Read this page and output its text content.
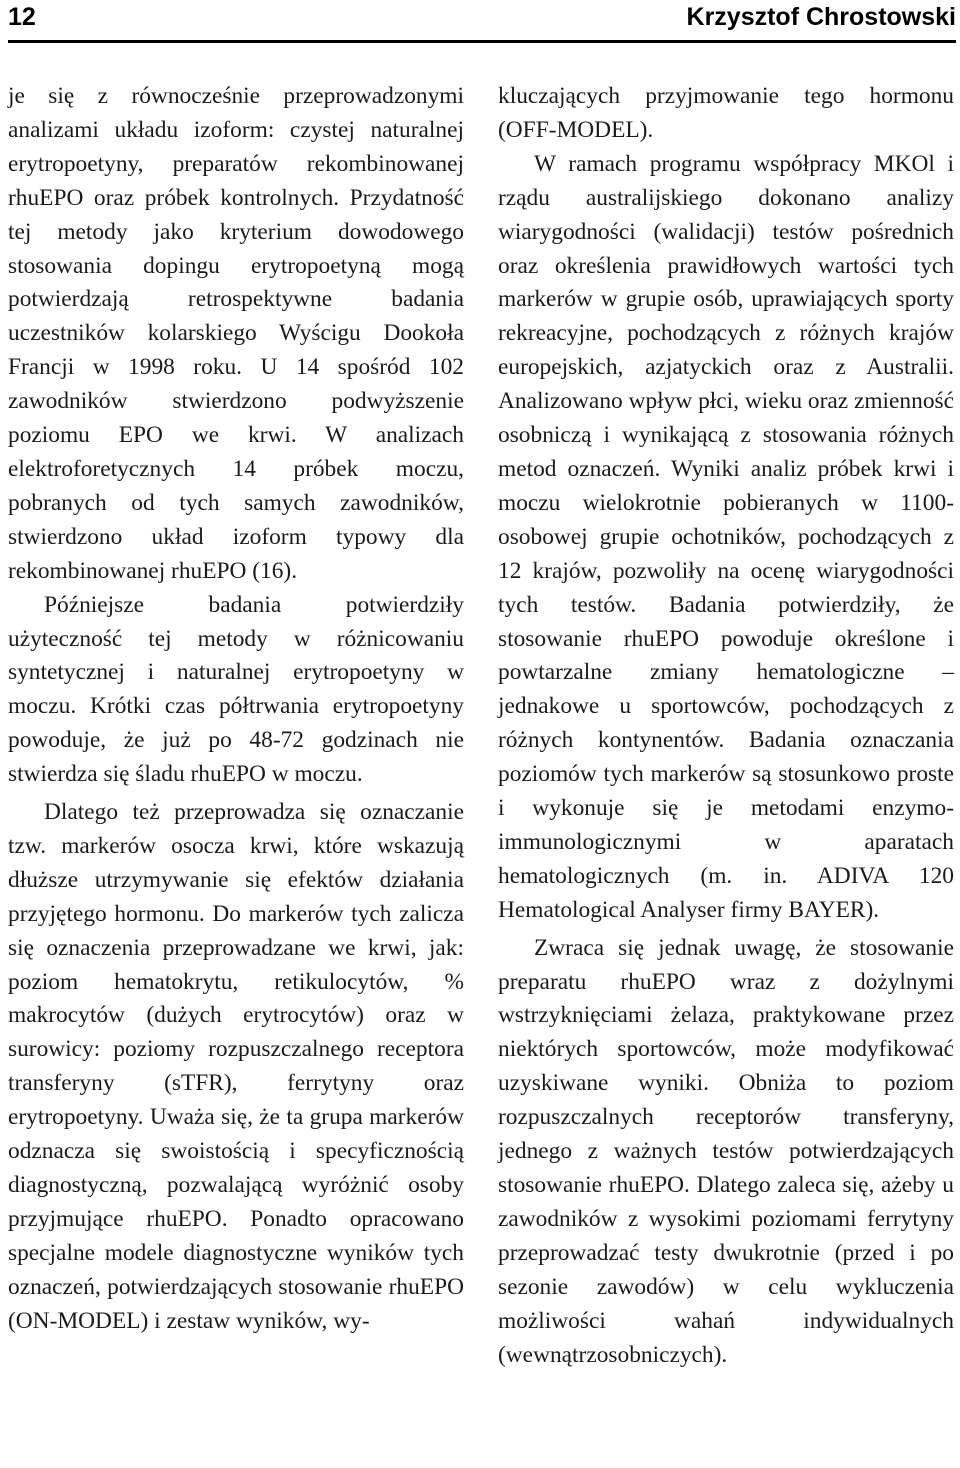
12	Krzysztof Chrostowski

je się z równocześnie przeprowadzonymi analizami układu izoform: czystej naturalnej erytropoetyny, preparatów rekombinowanej rhuEPO oraz próbek kontrolnych. Przydatność tej metody jako kryterium dowodowego stosowania dopingu erytropoetyną mogą potwierdzają retrospektywne badania uczestników kolarskiego Wyścigu Dookoła Francji w 1998 roku. U 14 spośród 102 zawodników stwierdzono podwyższenie poziomu EPO we krwi. W analizach elektroforetycznych 14 próbek moczu, pobranych od tych samych zawodników, stwierdzono układ izoform typowy dla rekombinowanej rhuEPO (16).

Późniejsze badania potwierdziły użyteczność tej metody w różnicowaniu syntetycznej i naturalnej erytropoetyny w moczu. Krótki czas półtrwania erytropoetyny powoduje, że już po 48-72 godzinach nie stwierdza się śladu rhuEPO w moczu.

Dlatego też przeprowadza się oznaczanie tzw. markerów osocza krwi, które wskazują dłuższe utrzymywanie się efektów działania przyjętego hormonu. Do markerów tych zalicza się oznaczenia przeprowadzane we krwi, jak: poziom hematokrytu, retikulocytów, % makrocytów (dużych erytrocytów) oraz w surowicy: poziomy rozpuszczalnego receptora transferyny (sTFR), ferrytyny oraz erytropoetyny. Uważa się, że ta grupa markerów odznacza się swoistością i specyficznością diagnostyczną, pozwalającą wyróżnić osoby przyjmujące rhuEPO. Ponadto opracowano specjalne modele diagnostyczne wyników tych oznaczeń, potwierdzających stosowanie rhuEPO (ON-MODEL) i zestaw wyników, wy-

kluczających przyjmowanie tego hormonu (OFF-MODEL).

W ramach programu współpracy MKOl i rządu australijskiego dokonano analizy wiarygodności (walidacji) testów pośrednich oraz określenia prawidłowych wartości tych markerów w grupie osób, uprawiających sporty rekreacyjne, pochodzących z różnych krajów europejskich, azjatyckich oraz z Australii. Analizowano wpływ płci, wieku oraz zmienność osobniczą i wynikającą z stosowania różnych metod oznaczeń. Wyniki analiz próbek krwi i moczu wielokrotnie pobieranych w 1100-osobowej grupie ochotników, pochodzących z 12 krajów, pozwoliły na ocenę wiarygodności tych testów. Badania potwierdziły, że stosowanie rhuEPO powoduje określone i powtarzalne zmiany hematologiczne – jednakowe u sportowców, pochodzących z różnych kontynentów. Badania oznaczania poziomów tych markerów są stosunkowo proste i wykonuje się je metodami enzymo-immunologicznymi w aparatach hematologicznych (m. in. ADIVA 120 Hematological Analyser firmy BAYER).

Zwraca się jednak uwagę, że stosowanie preparatu rhuEPO wraz z dożylnymi wstrzyknięciami żelaza, praktykowane przez niektórych sportowców, może modyfikować uzyskiwane wyniki. Obniża to poziom rozpuszczalnych receptorów transferyny, jednego z ważnych testów potwierdzających stosowanie rhuEPO. Dlatego zaleca się, ażeby u zawodników z wysokimi poziomami ferrytyny przeprowadzać testy dwukrotnie (przed i po sezonie zawodów) w celu wykluczenia możliwości wahań indywidualnych (wewnątrzosobniczych).
